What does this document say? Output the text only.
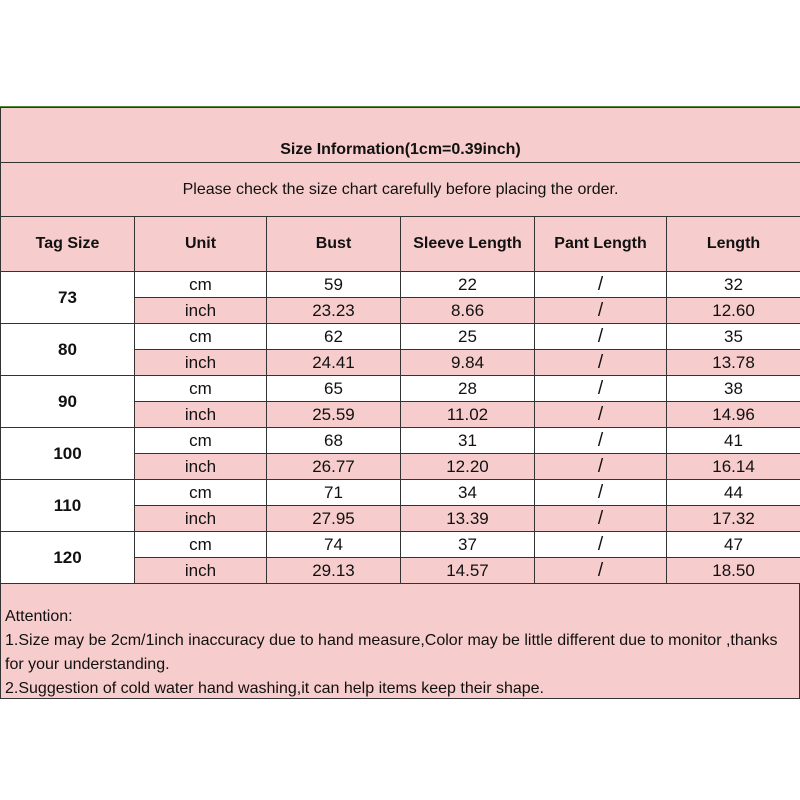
Size Information(1cm=0.39inch)					
Please check the size chart carefully before placing the order.					
Tag Size	Unit	Bust	Sleeve Length	Pant Length	Length
73	cm	59	22	/	32
	inch	23.23	8.66	/	12.60
80	cm	62	25	/	35
	inch	24.41	9.84	/	13.78
90	cm	65	28	/	38
	inch	25.59	11.02	/	14.96
100	cm	68	31	/	41
	inch	26.77	12.20	/	16.14
110	cm	71	34	/	44
	inch	27.95	13.39	/	17.32
120	cm	74	37	/	47
	inch	29.13	14.57	/	18.50
Attention:
1.Size may be 2cm/1inch inaccuracy due to hand measure,Color may be little different due to monitor ,thanks for your understanding.
2.Suggestion of cold water hand washing,it can help items keep their shape.
